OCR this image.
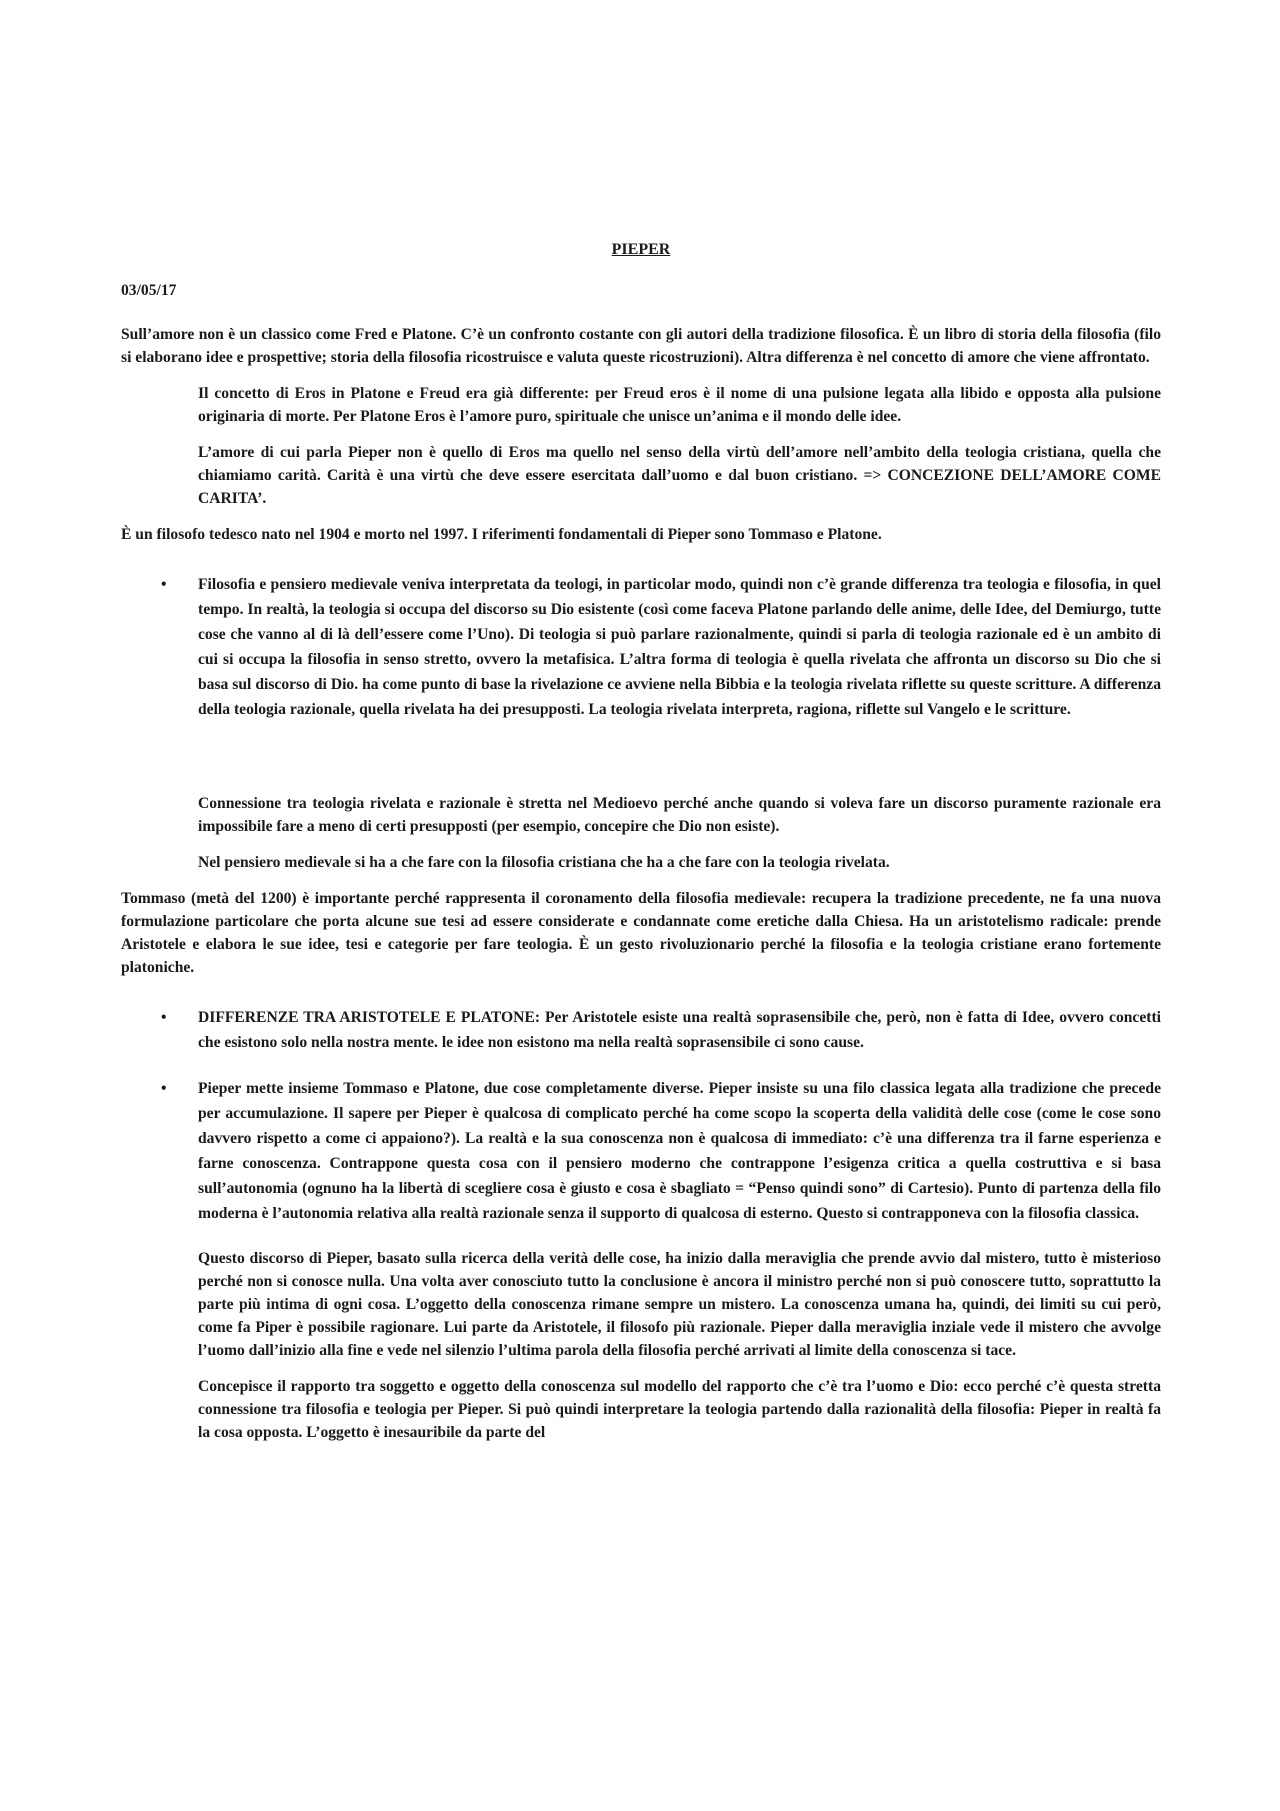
PIEPER
03/05/17

Sull’amore non è un classico come Fred e Platone. C’è un confronto costante con gli autori della tradizione filosofica. È un libro di storia della filosofia (filo si elaborano idee e prospettive; storia della filosofia ricostruisce e valuta queste ricostruzioni). Altra differenza è nel concetto di amore che viene affrontato.

Il concetto di Eros in Platone e Freud era già differente: per Freud eros è il nome di una pulsione legata alla libido e opposta alla pulsione originaria di morte. Per Platone Eros è l’amore puro, spirituale che unisce un’anima e il mondo delle idee.

L’amore di cui parla Pieper non è quello di Eros ma quello nel senso della virtù dell’amore nell’ambito della teologia cristiana, quella che chiamiamo carità. Carità è una virtù che deve essere esercitata dall’uomo e dal buon cristiano. => CONCEZIONE DELL’AMORE COME CARITA’.

È un filosofo tedesco nato nel 1904 e morto nel 1997. I riferimenti fondamentali di Pieper sono Tommaso e Platone.

• Filosofia e pensiero medievale veniva interpretata da teologi, in particolar modo, quindi non c’è grande differenza tra teologia e filosofia, in quel tempo. In realtà, la teologia si occupa del discorso su Dio esistente (così come faceva Platone parlando delle anime, delle Idee, del Demiurgo, tutte cose che vanno al di là dell’essere come l’Uno). Di teologia si può parlare razionalmente, quindi si parla di teologia razionale ed è un ambito di cui si occupa la filosofia in senso stretto, ovvero la metafisica. L’altra forma di teologia è quella rivelata che affronta un discorso su Dio che si basa sul discorso di Dio. ha come punto di base la rivelazione ce avviene nella Bibbia e la teologia rivelata riflette su queste scritture. A differenza della teologia razionale, quella rivelata ha dei presupposti. La teologia rivelata interpreta, ragiona, riflette sul Vangelo e le scritture.

Connessione tra teologia rivelata e razionale è stretta nel Medioevo perché anche quando si voleva fare un discorso puramente razionale era impossibile fare a meno di certi presupposti (per esempio, concepire che Dio non esiste).

Nel pensiero medievale si ha a che fare con la filosofia cristiana che ha a che fare con la teologia rivelata.

Tommaso (metà del 1200) è importante perché rappresenta il coronamento della filosofia medievale: recupera la tradizione precedente, ne fa una nuova formulazione particolare che porta alcune sue tesi ad essere considerate e condannate come eretiche dalla Chiesa. Ha un aristotelismo radicale: prende Aristotele e elabora le sue idee, tesi e categorie per fare teologia. È un gesto rivoluzionario perché la filosofia e la teologia cristiane erano fortemente platoniche.

• DIFFERENZE TRA ARISTOTELE E PLATONE: Per Aristotele esiste una realtà soprasensibile che, però, non è fatta di Idee, ovvero concetti che esistono solo nella nostra mente. le idee non esistono ma nella realtà soprasensibile ci sono cause.
• Pieper mette insieme Tommaso e Platone, due cose completamente diverse. Pieper insiste su una filo classica legata alla tradizione che precede per accumulazione. Il sapere per Pieper è qualcosa di complicato perché ha come scopo la scoperta della validità delle cose (come le cose sono davvero rispetto a come ci appaiono?). La realtà e la sua conoscenza non è qualcosa di immediato: c’è una differenza tra il farne esperienza e farne conoscenza. Contrappone questa cosa con il pensiero moderno che contrappone l’esigenza critica a quella costruttiva e si basa sull’autonomia (ognuno ha la libertà di scegliere cosa è giusto e cosa è sbagliato = “Penso quindi sono” di Cartesio). Punto di partenza della filo moderna è l’autonomia relativa alla realtà razionale senza il supporto di qualcosa di esterno. Questo si contrapponeva con la filosofia classica.

Questo discorso di Pieper, basato sulla ricerca della verità delle cose, ha inizio dalla meraviglia che prende avvio dal mistero, tutto è misterioso perché non si conosce nulla. Una volta aver conosciuto tutto la conclusione è ancora il ministro perché non si può conoscere tutto, soprattutto la parte più intima di ogni cosa. L’oggetto della conoscenza rimane sempre un mistero. La conoscenza umana ha, quindi, dei limiti su cui però, come fa Piper è possibile ragionare. Lui parte da Aristotele, il filosofo più razionale. Pieper dalla meraviglia inziale vede il mistero che avvolge l’uomo dall’inizio alla fine e vede nel silenzio l’ultima parola della filosofia perché arrivati al limite della conoscenza si tace.

Concepisce il rapporto tra soggetto e oggetto della conoscenza sul modello del rapporto che c’è tra l’uomo e Dio: ecco perché c’è questa stretta connessione tra filosofia e teologia per Pieper. Si può quindi interpretare la teologia partendo dalla razionalità della filosofia: Pieper in realtà fa la cosa opposta. L’oggetto è inesauribile da parte del
